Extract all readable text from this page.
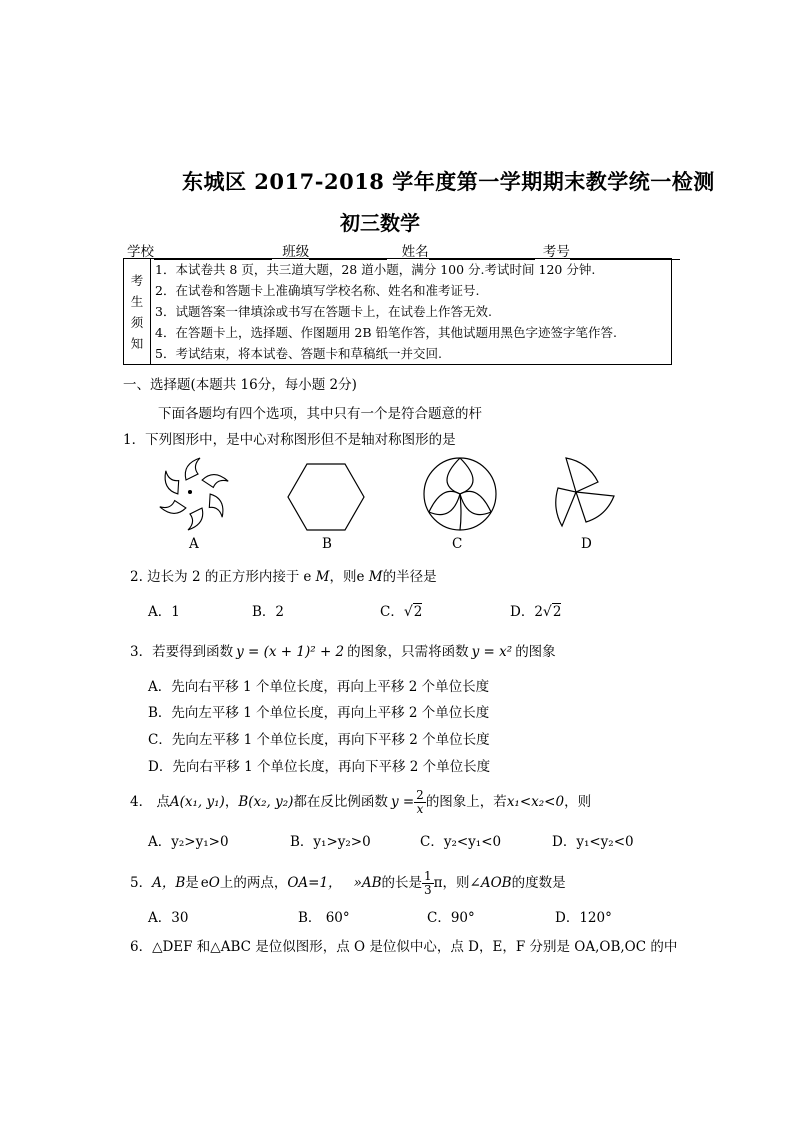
东城区 2017-2018 学年度第一学期期末教学统一检测
初三数学
学校	班级	姓名	考号
考
生
须
知

1．本试卷共 8 页，共三道大题，28 道小题，满分 100 分.考试时间 120 分钟.
2．在试卷和答题卡上准确填写学校名称、姓名和准考证号.
3．试题答案一律填涂或书写在答题卡上，在试卷上作答无效.
4．在答题卡上，选择题、作图题用 2B 铅笔作答，其他试题用黑色字迹签字笔作答.
5．考试结束，将本试卷、答题卡和草稿纸一并交回.
一、选择题(本题共 16分，每小题 2分)
下面各题均有四个选项，其中只有一个是符合题意的杆
1．下列图形中，是中心对称图形但不是轴对称图形的是
A	B	C	D
2. 边长为 2 的正方形内接于 e M，则e M的半径是
A．1	B．2	C．√2	D．2√2
3．若要得到函数 y = (x + 1)² + 2 的图象，只需将函数 y = x² 的图象
A．先向右平移 1 个单位长度，再向上平移 2 个单位长度
B．先向左平移 1 个单位长度，再向上平移 2 个单位长度
C．先向左平移 1 个单位长度，再向下平移 2 个单位长度
D．先向右平移 1 个单位长度，再向下平移 2 个单位长度
4． 点A(x₁, y₁)，B(x₂, y₂)都在反比例函数 $y = \frac{2}{x}$ 的图象上，若x₁<x₂<0，则
A．y₂>y₁>0	B．y₁>y₂>0	C．y₂<y₁<0	D．y₁<y₂<0
5．A，B是 eO上的两点，OA=1， »AB的长是 $\frac{1}{3}$ π，则∠AOB的度数是
A．30	B． 60°	C．90°	D．120°
6．△DEF 和△ABC 是位似图形，点 O 是位似中心，点 D，E，F 分别是 OA,OB,OC 的中
